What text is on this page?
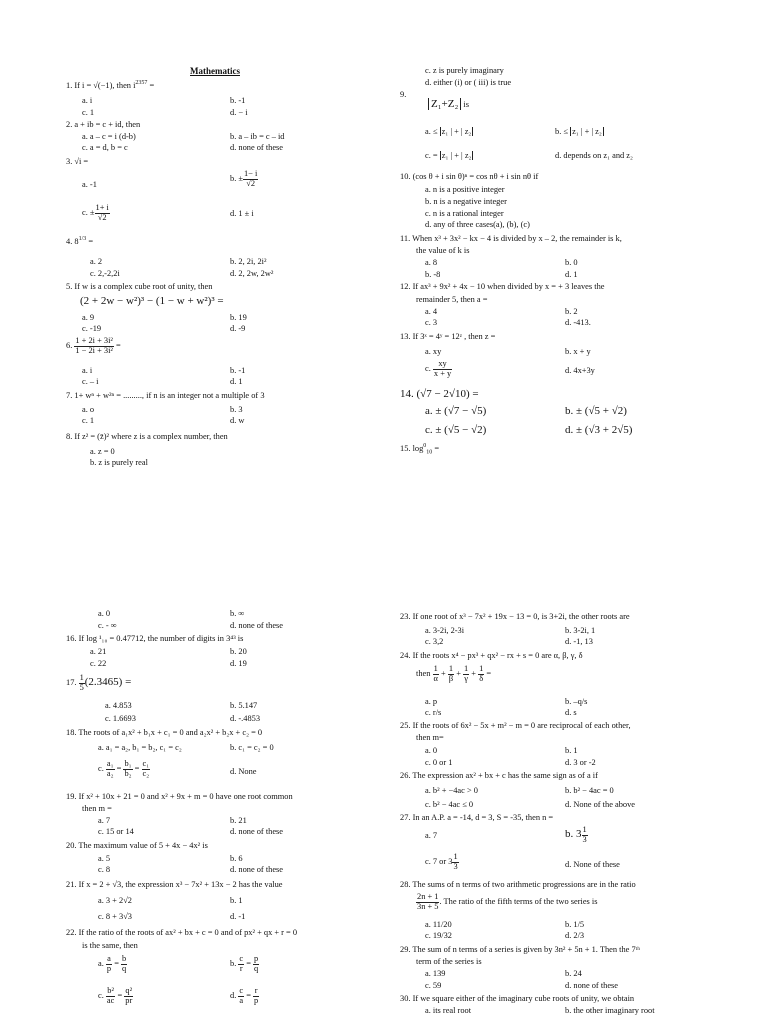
Mathematics
1. If i = √(−1), then $i^{2357}$ =
a. i	b. -1
c. 1	d. − i
2. a + ib = c + id, then
a. a – c = i (d-b)	b. a – ib = c – id
c. a = d, b = c	d. none of these
3. √i =
a. -1
b. ± $\frac{1- i}{√2}$
c. ± $\frac{1+ i}{√2}$	d. 1 ± i
4. $8^{1/3}$ =
a. 2	b. 2, 2i, 2i²
c. 2,-2,2i	d. 2, 2w, 2w²
5. If w is a complex cube root of unity, then
(2 + 2w − w²)³ − (1 − w + w²)³ =
a. 9	b. 19
c. -19	d. -9
6. $\frac{\text{1 + 2i + 3i²}}{\text{1 − 2i + 3i²}}$ =
a. i	b. -1
c. – i	d. 1
7. 1+ wⁿ + w²ⁿ = ........., if n is an integer not a multiple of 3
a. o	b. 3
c. 1	d. w
8. If z² = (z̄)² where z is a complex number, then
a. z = 0
b. z is purely real
c. z is purely imaginary
d. either (i) or ( iii) is true
9.
Z₁+Z₂ is
a. ≤ z₁ | + | z₂	b. ≤ z₁ | + | z₂
c. = z₁ | + | z₂	d. depends on z₁ and z₂
10. (cos θ + i sin θ)ⁿ = cos nθ + i sin nθ if
a. n is a positive integer
b. n is a negative integer
c. n is a rational integer
d. any of three cases(a), (b), (c)
11. When x³ + 3x² − kx − 4 is divided by x – 2, the remainder is k,
the value of k is
a. 8	b. 0
b. -8	d. 1
12. If ax³ + 9x² + 4x − 10 when divided by x = + 3 leaves the
remainder 5, then a =
a. 4	b. 2
c. 3	d. -413.
13. If 3ˣ = 4ʸ = 12ᶻ , then z =
a. xy	b. x + y
c. $\frac{xy}{x + y}$	d. 4x+3y
14. (√7 − 2√10) =
a. ± (√7 − √5)	b. ± (√5 + √2)
c. ± (√5 − √2)	d. ± (√3 + 2√5)
15. $\log^0_{10}$ =
a. 0	b. ∞
c. - ∞	d. none of these
16. If log ¹₁₀ = 0.47712, the number of digits in 3⁴³ is
a. 21	b. 20
c. 22	d. 19
17. $\frac{1}{5} (2.3465)$ =
a. 4.853	b. 5.147
c. 1.6693	d. -.4853
18. The roots of a₁x² + b₁x + c₁ = 0 and a₂x² + b₂x + c₂ = 0
a. a₁ = a₂, b₁ = b₂, c₁ = c₂	b. c₁ = c₂ = 0
c. $\frac{\text{a₁}}{\text{a₂}} = \frac{\text{b₁}}{\text{b₂}} = \frac{\text{c₁}}{\text{c₂}}$	d. None
19. If x² + 10x + 21 = 0 and x² + 9x + m = 0 have one root common
then m =
a. 7	b. 21
c. 15 or 14	d. none of these
20. The maximum value of 5 + 4x − 4x² is
a. 5	b. 6
c. 8	d. none of these
21. If x = 2 + √3, the expression x³ − 7x² + 13x − 2 has the value
a. 3 + 2√2	b. 1
c. 8 + 3√3	d. -1
22. If the ratio of the roots of ax² + bx + c = 0 and of px² + qx + r = 0
is the same, then
a. $\frac{a}{p} = \frac{b}{q}$	b. $\frac{c}{r} = \frac{p}{q}$
c. $\frac{\text{b²}}{ac} = \frac{\text{q²}}{pr}$	d. $\frac{c}{a} = \frac{r}{p}$
23. If one root of x³ − 7x² + 19x − 13 = 0, is 3+2i, the other roots are
a. 3-2i, 2-3i	b. 3-2i, 1
c. 3,2	d. -1, 13
24. If the roots x⁴ − px³ + qx² − rx + s = 0 are α, β, γ, δ
then $\frac{1}{\alpha} + \frac{1}{\beta} + \frac{1}{\gamma} + \frac{1}{\delta}$ =
a. p	b. –q/s
c. r/s	d. s
25. If the roots of 6x² − 5x + m² − m = 0 are reciprocal of each other,
then m=
a. 0	b. 1
c. 0 or 1	d. 3 or -2
26. The expression ax² + bx + c has the same sign as of a if
a. b² + −4ac > 0	b. b² − 4ac = 0
c. b² − 4ac ≤ 0	d. None of the above
27. In an A.P. a = -14, d = 3, S = -35, then n =
a. 7	b. $3 \frac{1}{3}$
c. 7 or $3 \frac{1}{3}$	d. None of these
28. The sums of n terms of two arithmetic progressions are in the ratio
$\frac{2n + 1}{3n + 5}$ . The ratio of the fifth terms of the two series is
a. 11/20	b. 1/5
c. 19/32	d. 2/3
29. The sum of n terms of a series is given by 3n² + 5n + 1. Then the 7ᵗʰ
term of the series is
a. 139	b. 24
c. 59	d. none of these
30. If we square either of the imaginary cube roots of unity, we obtain
a. its real root	b. the other imaginary root
